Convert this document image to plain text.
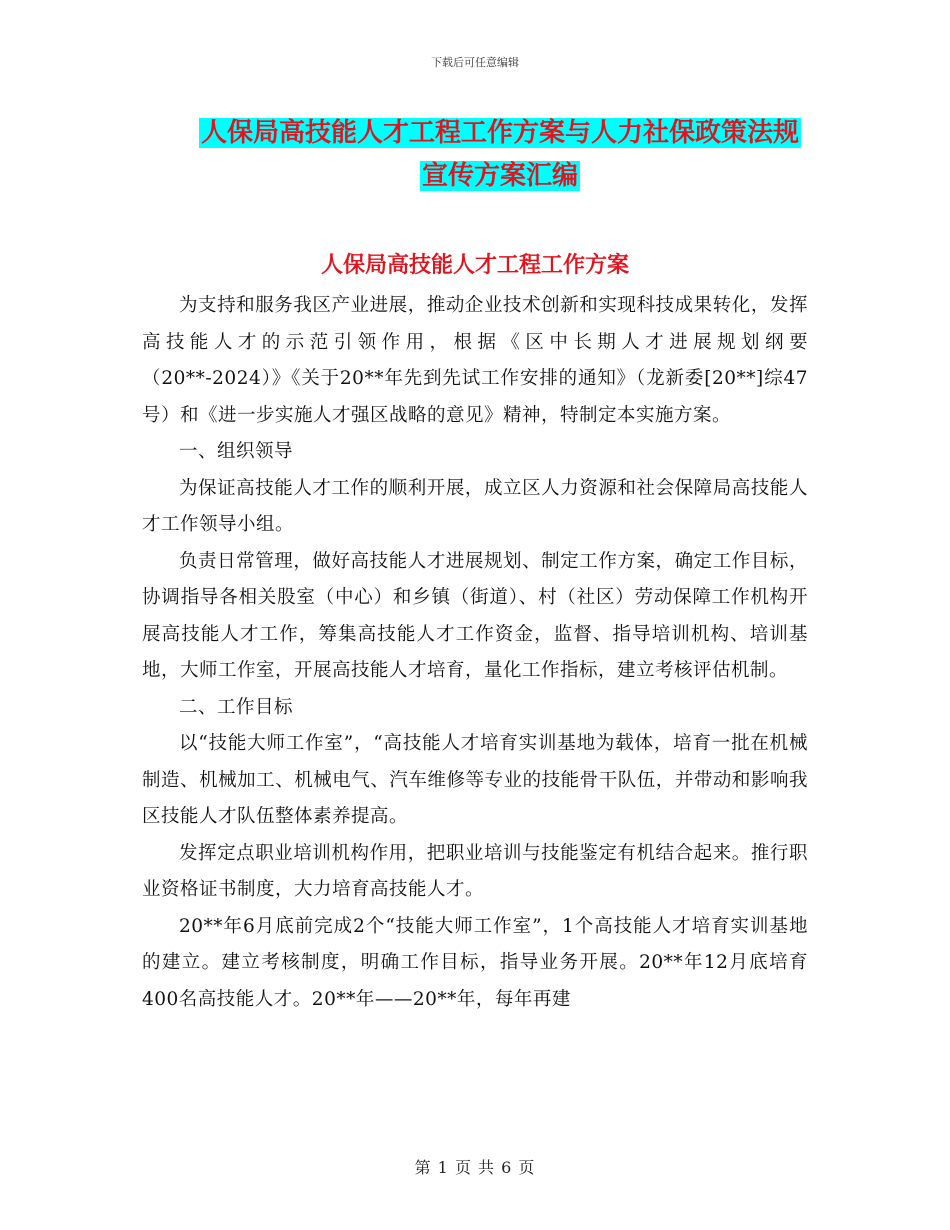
下载后可任意编辑
人保局高技能人才工程工作方案与人力社保政策法规
宣传方案汇编
人保局高技能人才工程工作方案

为支持和服务我区产业进展，推动企业技术创新和实现科技成果转化，发挥高技能人才的示范引领作用，根据《区中长期人才进展规划纲要（20**-2024）》《关于20**年先到先试工作安排的通知》（龙新委[20**]综47号）和《进一步实施人才强区战略的意见》精神，特制定本实施方案。

一、组织领导

为保证高技能人才工作的顺利开展，成立区人力资源和社会保障局高技能人才工作领导小组。

负责日常管理，做好高技能人才进展规划、制定工作方案，确定工作目标，协调指导各相关股室（中心）和乡镇（街道）、村（社区）劳动保障工作机构开展高技能人才工作，筹集高技能人才工作资金，监督、指导培训机构、培训基地，大师工作室，开展高技能人才培育，量化工作指标，建立考核评估机制。

二、工作目标

以“技能大师工作室”，“高技能人才培育实训基地为载体，培育一批在机械制造、机械加工、机械电气、汽车维修等专业的技能骨干队伍，并带动和影响我区技能人才队伍整体素养提高。

发挥定点职业培训机构作用，把职业培训与技能鉴定有机结合起来。推行职业资格证书制度，大力培育高技能人才。

20**年6月底前完成2个“技能大师工作室”，1个高技能人才培育实训基地的建立。建立考核制度，明确工作目标，指导业务开展。20**年12月底培育400名高技能人才。20**年——20**年，每年再建

第 1 页 共 6 页
